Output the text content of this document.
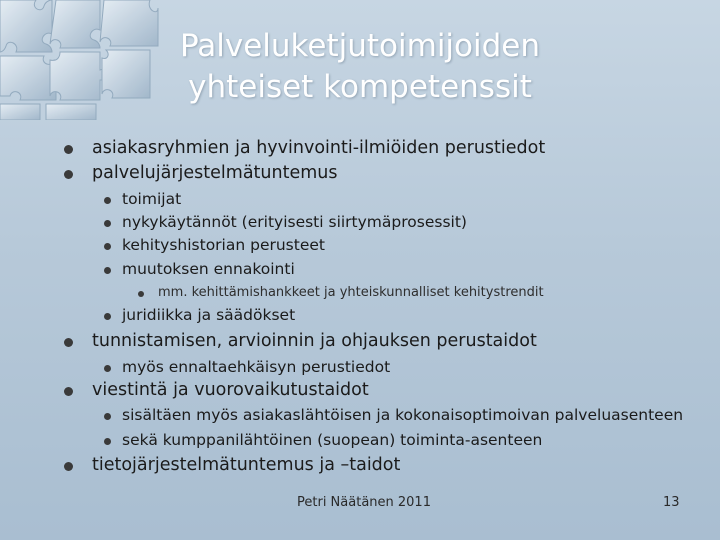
Palveluketjutoimijoiden
yhteiset kompetenssit
asiakasryhmien ja hyvinvointi-ilmiöiden perustiedot
palvelujärjestelmätuntemus
toimijat
nykykäytännöt (erityisesti siirtymäprosessit)
kehityshistorian perusteet
muutoksen ennakointi
mm. kehittämishankkeet ja yhteiskunnalliset kehitystrendit
juridiikka ja säädökset
tunnistamisen, arvioinnin ja ohjauksen perustaidot
myös ennaltaehkäisyn perustiedot
viestintä ja vuorovaikutustaidot
sisältäen myös asiakaslähtöisen ja kokonaisoptimoivan palveluasenteen
sekä kumppanilähtöinen (suopean) toiminta-asenteen
tietojärjestelmätuntemus ja –taidot
Petri Näätänen 2011	13
